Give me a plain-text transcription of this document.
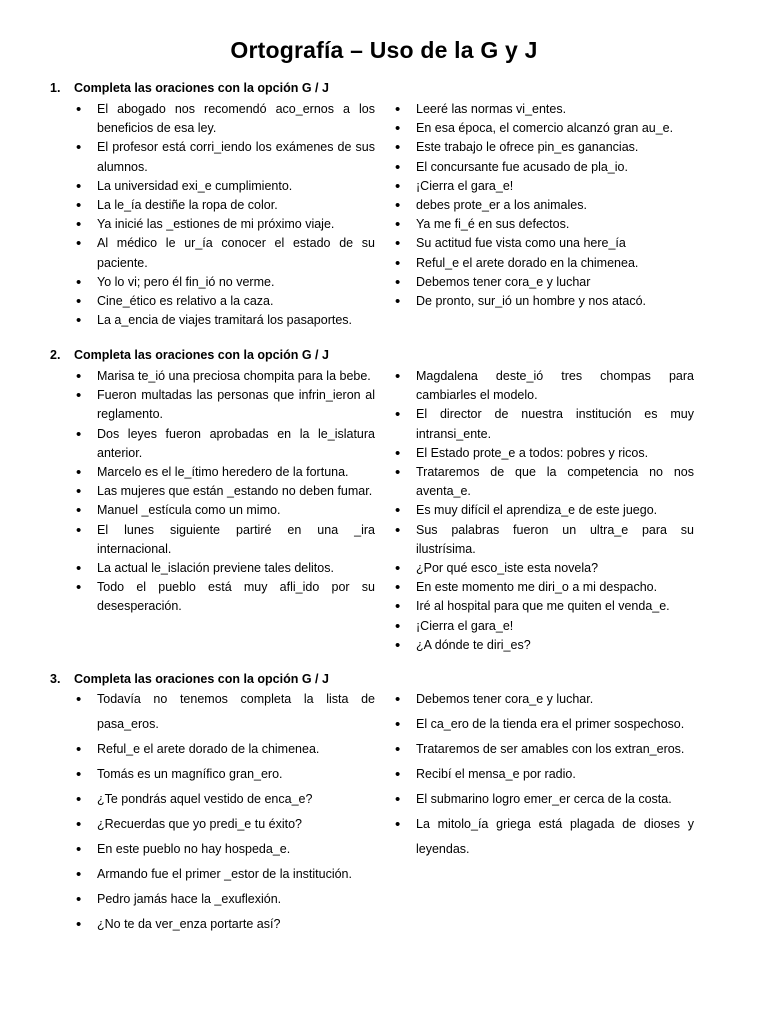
Ortografía – Uso de la G y J
1. Completa las oraciones con la opción G / J
• El abogado nos recomendó aco_ernos a los beneficios de esa ley.
• El profesor está corri_iendo los exámenes de sus alumnos.
• La universidad exi_e cumplimiento.
• La le_ía destiñe la ropa de color.
• Ya inicié las _estiones de mi próximo viaje.
• Al médico le ur_ía conocer el estado de su paciente.
• Yo lo vi; pero él fin_ió no verme.
• Cine_ético es relativo a la caza.
• La a_encia de viajes tramitará los pasaportes.
• Leeré las normas vi_entes.
• En esa época, el comercio alcanzó gran au_e.
• Este trabajo le ofrece pin_es ganancias.
• El concursante fue acusado de pla_io.
• ¡Cierra el gara_e!
• debes prote_er a los animales.
• Ya me fi_é en sus defectos.
• Su actitud fue vista como una here_ía
• Reful_e el arete dorado en la chimenea.
• Debemos tener cora_e y luchar
• De pronto, sur_ió un hombre y nos atacó.
2. Completa las oraciones con la opción G / J
• Marisa te_ió una preciosa chompita para la bebe.
• Fueron multadas las personas que infrin_ieron al reglamento.
• Dos leyes fueron aprobadas en la le_islatura anterior.
• Marcelo es el le_ítimo heredero de la fortuna.
• Las mujeres que están _estando no deben fumar.
• Manuel _estícula como un mimo.
• El lunes siguiente partiré en una _ira internacional.
• La actual le_islación previene tales delitos.
• Todo el pueblo está muy afli_ido por su desesperación.
• Magdalena deste_ió tres chompas para cambiarles el modelo.
• El director de nuestra institución es muy intransi_ente.
• El Estado prote_e a todos: pobres y ricos.
• Trataremos de que la competencia no nos aventa_e.
• Es muy difícil el aprendiza_e de este juego.
• Sus palabras fueron un ultra_e para su ilustrísima.
• ¿Por qué esco_iste esta novela?
• En este momento me diri_o a mi despacho.
• Iré al hospital para que me quiten el venda_e.
• ¡Cierra el gara_e!
• ¿A dónde te diri_es?
3. Completa las oraciones con la opción G / J
• Todavía no tenemos completa la lista de pasa_eros.
• Reful_e el arete dorado de la chimenea.
• Tomás es un magnífico gran_ero.
• ¿Te pondrás aquel vestido de enca_e?
• ¿Recuerdas que yo predi_e tu éxito?
• En este pueblo no hay hospeda_e.
• Armando fue el primer _estor de la institución.
• Pedro jamás hace la _exuflexión.
• ¿No te da ver_enza portarte así?
• Debemos tener cora_e y luchar.
• El ca_ero de la tienda era el primer sospechoso.
• Trataremos de ser amables con los extran_eros.
• Recibí el mensa_e por radio.
• El submarino logro emer_er cerca de la costa.
• La mitolo_ía griega está plagada de dioses y leyendas.
